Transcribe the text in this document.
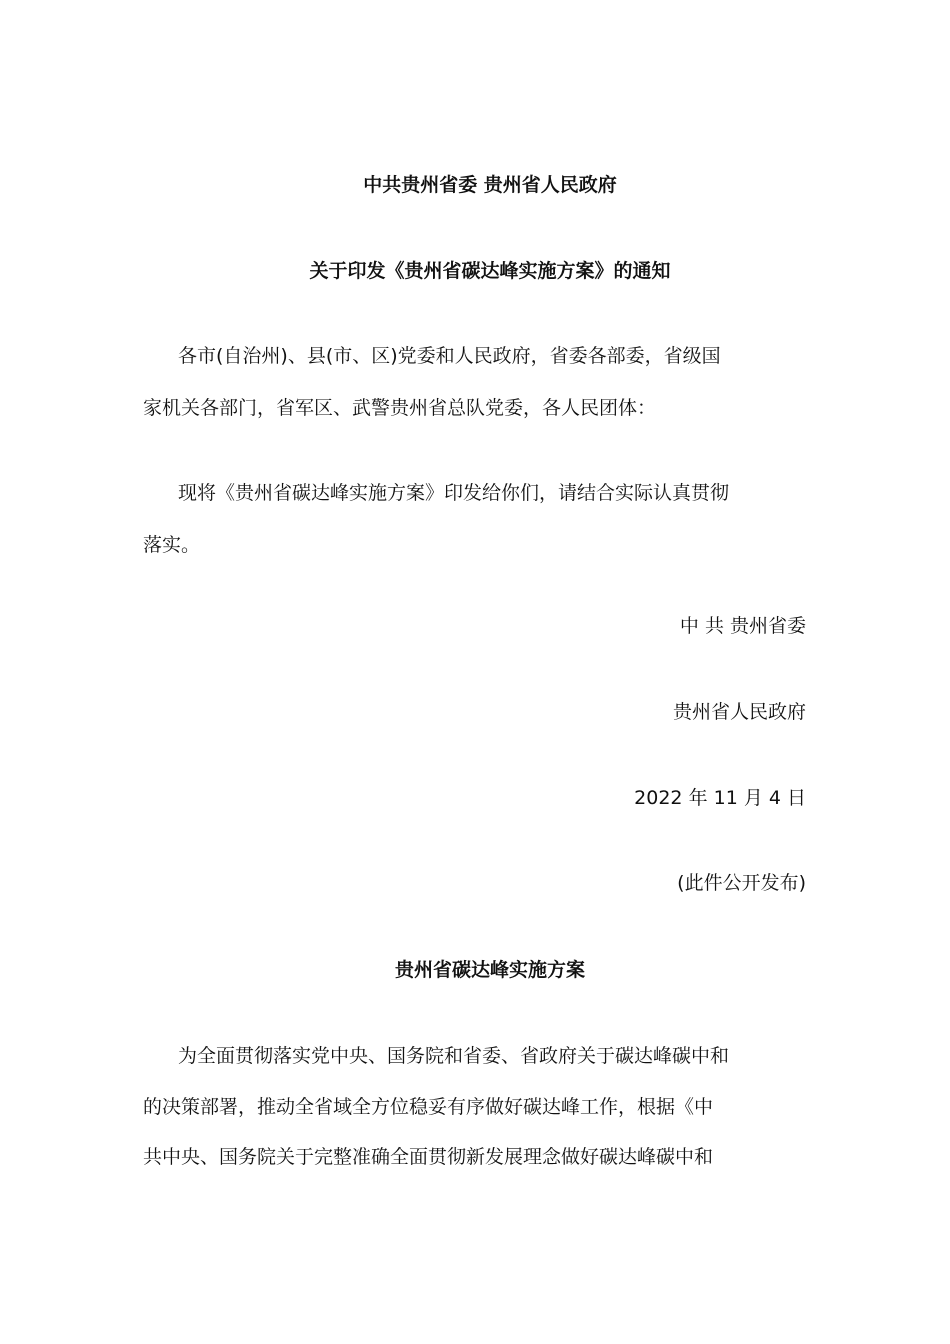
中共贵州省委 贵州省人民政府

关于印发《贵州省碳达峰实施方案》的通知

各市(自治州)、县(市、区)党委和人民政府，省委各部委，省级国

家机关各部门，省军区、武警贵州省总队党委，各人民团体：

现将《贵州省碳达峰实施方案》印发给你们，请结合实际认真贯彻

落实。

中 共 贵州省委

贵州省人民政府

2022 年 11 月 4 日

(此件公开发布)

贵州省碳达峰实施方案

为全面贯彻落实党中央、国务院和省委、省政府关于碳达峰碳中和

的决策部署，推动全省域全方位稳妥有序做好碳达峰工作，根据《中

共中央、国务院关于完整准确全面贯彻新发展理念做好碳达峰碳中和
